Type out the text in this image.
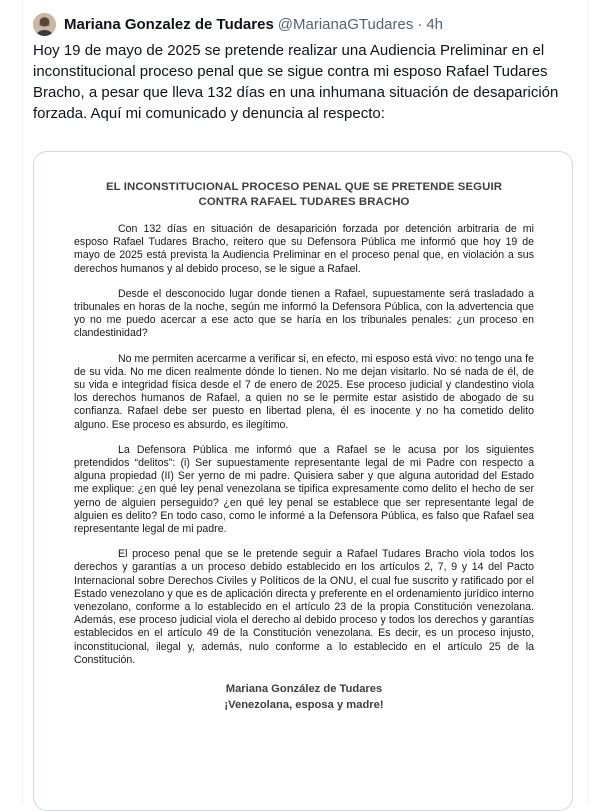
Mariana Gonzalez de Tudares @MarianaGTudares · 4h

Hoy 19 de mayo de 2025 se pretende realizar una Audiencia Preliminar en el inconstitucional proceso penal que se sigue contra mi esposo Rafael Tudares Bracho, a pesar que lleva 132 días en una inhumana situación de desaparición forzada. Aquí mi comunicado y denuncia al respecto:

EL INCONSTITUCIONAL PROCESO PENAL QUE SE PRETENDE SEGUIR
CONTRA RAFAEL TUDARES BRACHO

Con 132 días en situación de desaparición forzada por detención arbitraria de mi esposo Rafael Tudares Bracho, reitero que su Defensora Pública me informó que hoy 19 de mayo de 2025 está prevista la Audiencia Preliminar en el proceso penal que, en violación a sus derechos humanos y al debido proceso, se le sigue a Rafael.

Desde el desconocido lugar donde tienen a Rafael, supuestamente será trasladado a tribunales en horas de la noche, según me informó la Defensora Pública, con la advertencia que yo no me puedo acercar a ese acto que se haría en los tribunales penales: ¿un proceso en clandestinidad?

No me permiten acercarme a verificar si, en efecto, mi esposo está vivo: no tengo una fe de su vida. No me dicen realmente dónde lo tienen. No me dejan visitarlo. No sé nada de él, de su vida e integridad física desde el 7 de enero de 2025. Ese proceso judicial y clandestino viola los derechos humanos de Rafael, a quien no se le permite estar asistido de abogado de su confianza. Rafael debe ser puesto en libertad plena, él es inocente y no ha cometido delito alguno. Ese proceso es absurdo, es ilegítimo.

La Defensora Pública me informó que a Rafael se le acusa por los siguientes pretendidos “delitos”: (i) Ser supuestamente representante legal de mi Padre con respecto a alguna propiedad (II) Ser yerno de mi padre. Quisiera saber y que alguna autoridad del Estado me explique: ¿en qué ley penal venezolana se tipifica expresamente como delito el hecho de ser yerno de alguien perseguido? ¿en qué ley penal se establece que ser representante legal de alguien es delito? En todo caso, como le informé a la Defensora Pública, es falso que Rafael sea representante legal de mi padre.

El proceso penal que se le pretende seguir a Rafael Tudares Bracho viola todos los derechos y garantías a un proceso debido establecido en los artículos 2, 7, 9 y 14 del Pacto Internacional sobre Derechos Civiles y Políticos de la ONU, el cual fue suscrito y ratificado por el Estado venezolano y que es de aplicación directa y preferente en el ordenamiento jurídico interno venezolano, conforme a lo establecido en el artículo 23 de la propia Constitución venezolana. Además, ese proceso judicial viola el derecho al debido proceso y todos los derechos y garantías establecidos en el artículo 49 de la Constitución venezolana. Es decir, es un proceso injusto, inconstitucional, ilegal y, además, nulo conforme a lo establecido en el artículo 25 de la Constitución.

Mariana González de Tudares
¡Venezolana, esposa y madre!
